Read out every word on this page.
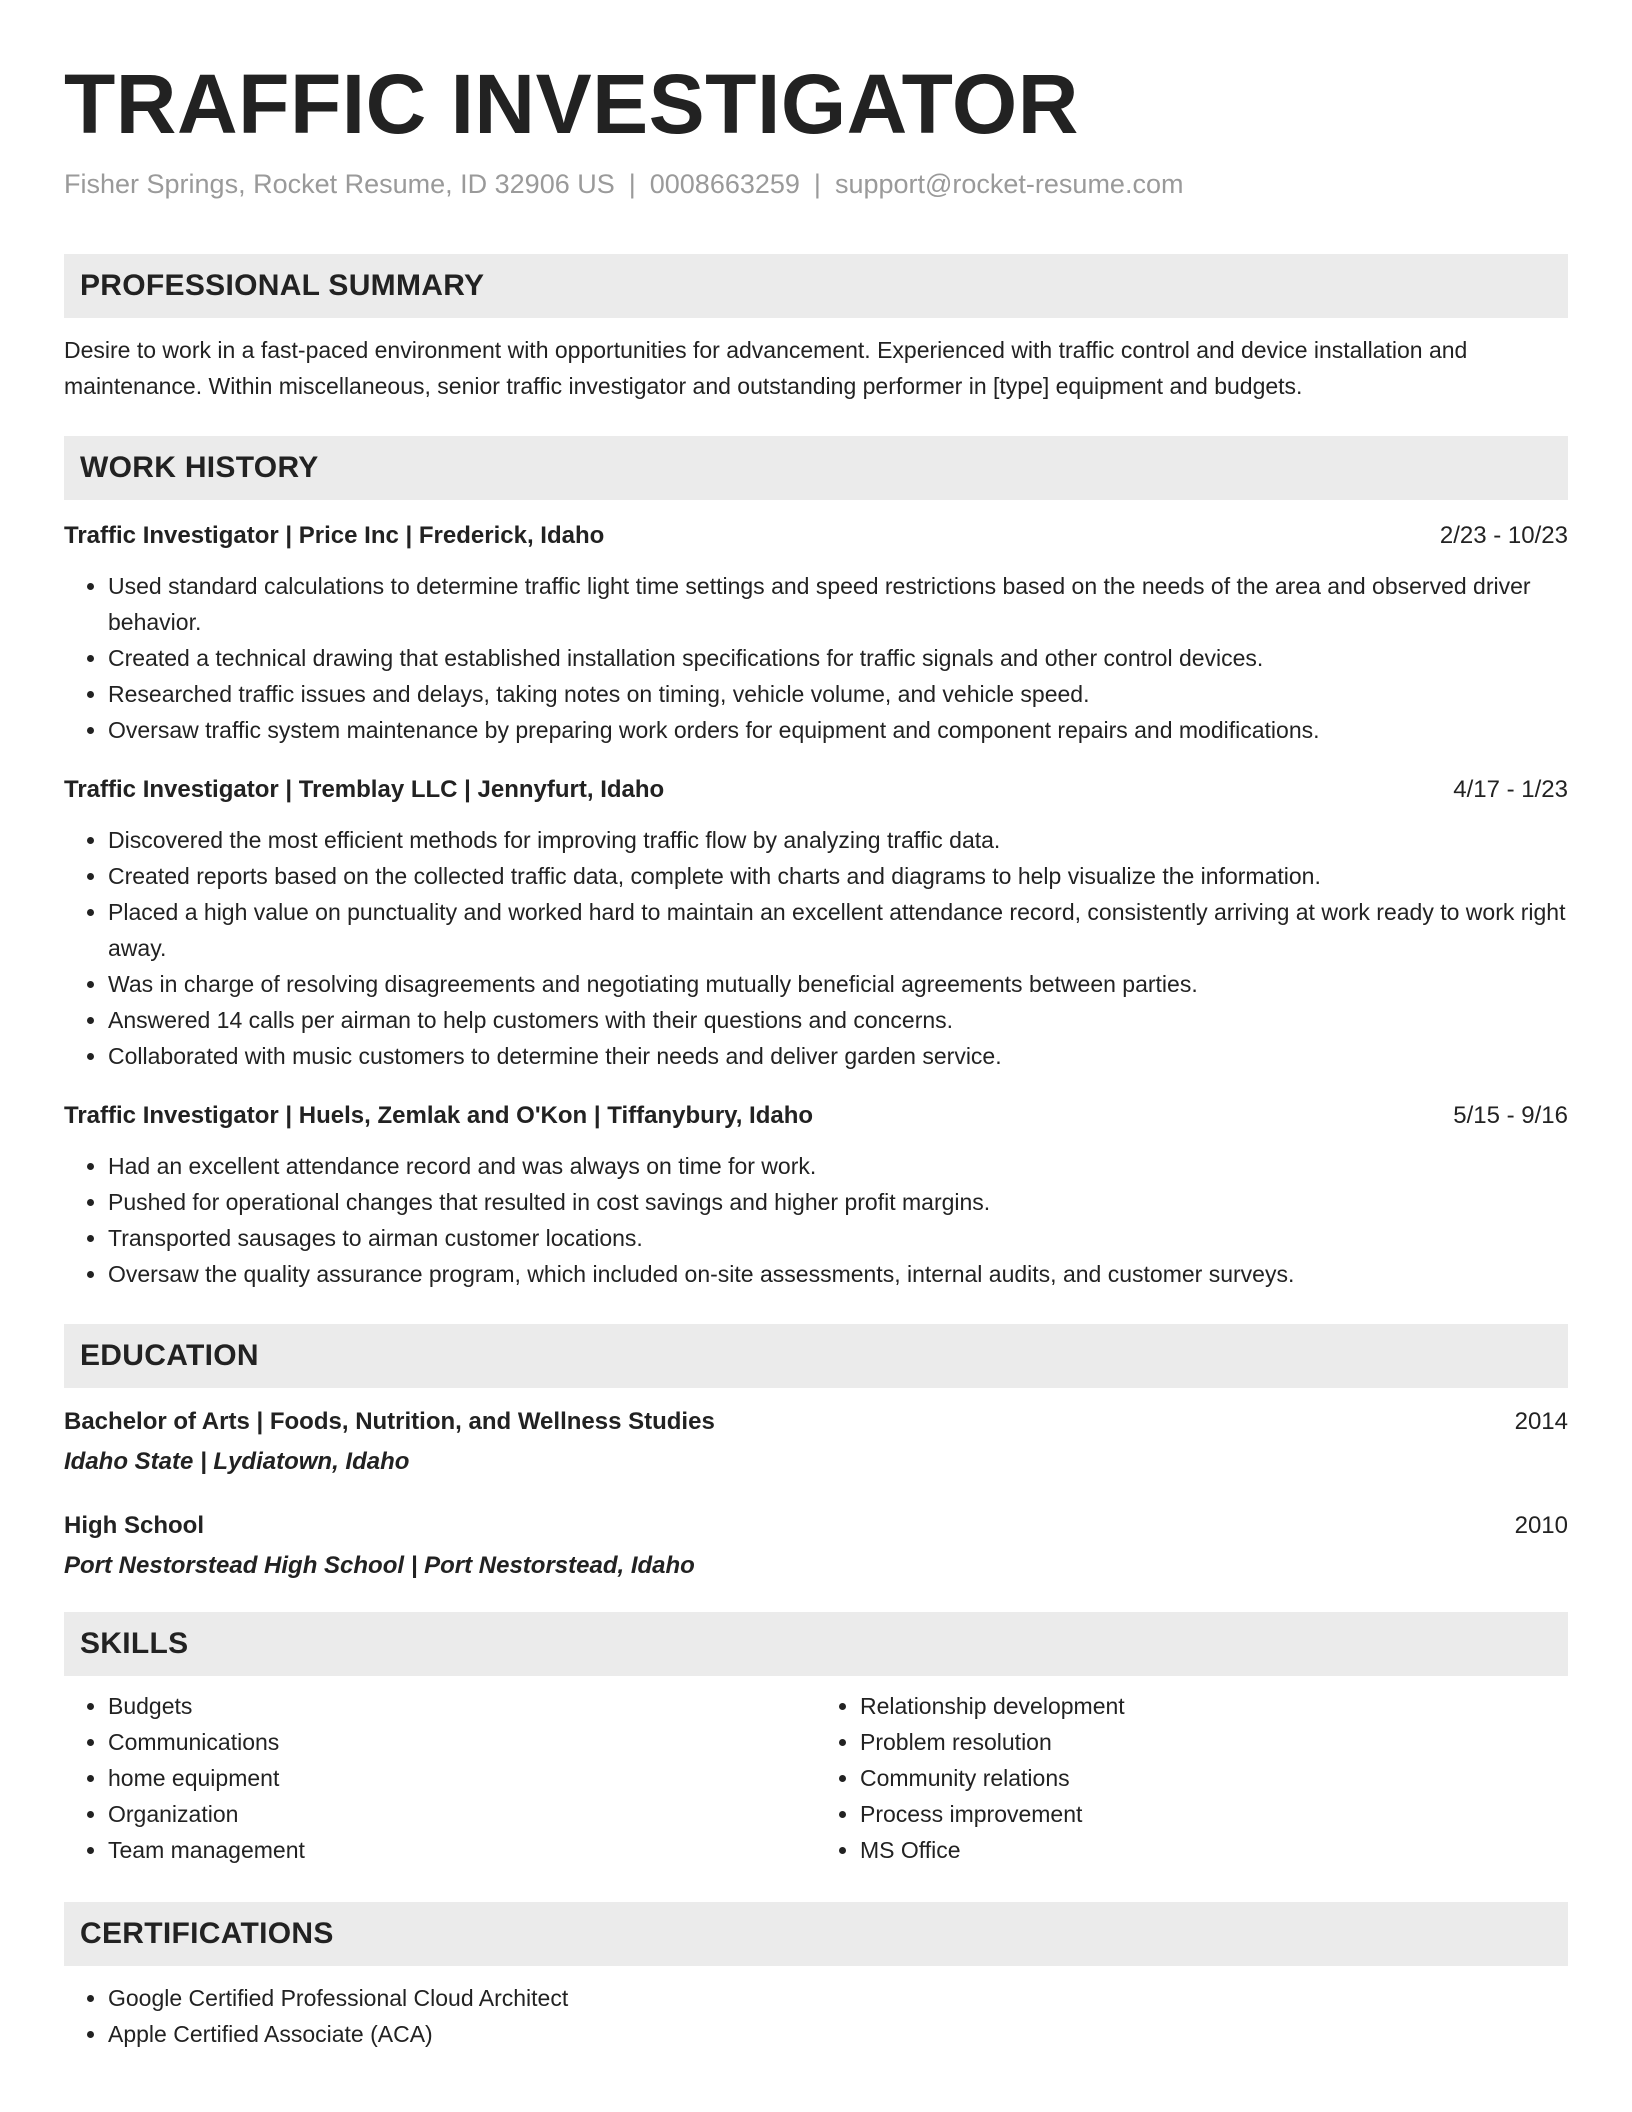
TRAFFIC INVESTIGATOR
Fisher Springs, Rocket Resume, ID 32906 US | 0008663259 | support@rocket-resume.com
PROFESSIONAL SUMMARY
Desire to work in a fast-paced environment with opportunities for advancement. Experienced with traffic control and device installation and maintenance. Within miscellaneous, senior traffic investigator and outstanding performer in [type] equipment and budgets.
WORK HISTORY
Traffic Investigator | Price Inc | Frederick, Idaho	2/23 - 10/23
• Used standard calculations to determine traffic light time settings and speed restrictions based on the needs of the area and observed driver behavior.
• Created a technical drawing that established installation specifications for traffic signals and other control devices.
• Researched traffic issues and delays, taking notes on timing, vehicle volume, and vehicle speed.
• Oversaw traffic system maintenance by preparing work orders for equipment and component repairs and modifications.
Traffic Investigator | Tremblay LLC | Jennyfurt, Idaho	4/17 - 1/23
• Discovered the most efficient methods for improving traffic flow by analyzing traffic data.
• Created reports based on the collected traffic data, complete with charts and diagrams to help visualize the information.
• Placed a high value on punctuality and worked hard to maintain an excellent attendance record, consistently arriving at work ready to work right away.
• Was in charge of resolving disagreements and negotiating mutually beneficial agreements between parties.
• Answered 14 calls per airman to help customers with their questions and concerns.
• Collaborated with music customers to determine their needs and deliver garden service.
Traffic Investigator | Huels, Zemlak and O'Kon | Tiffanybury, Idaho	5/15 - 9/16
• Had an excellent attendance record and was always on time for work.
• Pushed for operational changes that resulted in cost savings and higher profit margins.
• Transported sausages to airman customer locations.
• Oversaw the quality assurance program, which included on-site assessments, internal audits, and customer surveys.
EDUCATION
Bachelor of Arts | Foods, Nutrition, and Wellness Studies	2014
Idaho State | Lydiatown, Idaho
High School	2010
Port Nestorstead High School | Port Nestorstead, Idaho
SKILLS
• Budgets
• Communications
• home equipment
• Organization
• Team management
• Relationship development
• Problem resolution
• Community relations
• Process improvement
• MS Office
CERTIFICATIONS
• Google Certified Professional Cloud Architect
• Apple Certified Associate (ACA)
